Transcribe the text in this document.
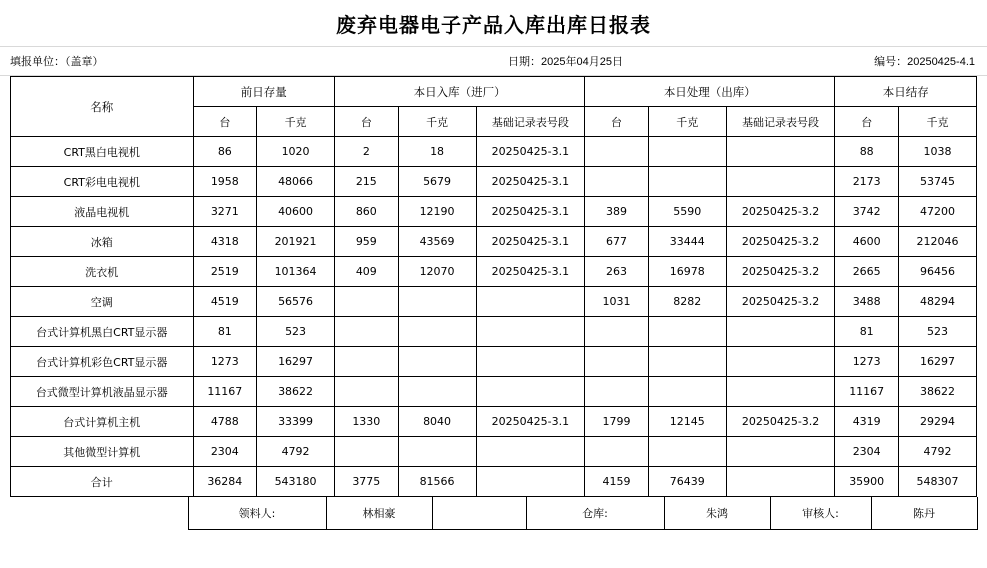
废弃电器电子产品入库出库日报表
填报单位：（盖章）	日期：2025年04月25日	编号：20250425-4.1
名称	前日存量		本日入库（进厂）			本日处理（出库）			本日结存	
	台	千克	台	千克	基础记录表号段	台	千克	基础记录表号段	台	千克
CRT黑白电视机	86	1020	2	18	20250425-3.1				88	1038
CRT彩电电视机	1958	48066	215	5679	20250425-3.1				2173	53745
液晶电视机	3271	40600	860	12190	20250425-3.1	389	5590	20250425-3.2	3742	47200
冰箱	4318	201921	959	43569	20250425-3.1	677	33444	20250425-3.2	4600	212046
洗衣机	2519	101364	409	12070	20250425-3.1	263	16978	20250425-3.2	2665	96456
空调	4519	56576				1031	8282	20250425-3.2	3488	48294
台式计算机黑白CRT显示器	81	523							81	523
台式计算机彩色CRT显示器	1273	16297							1273	16297
台式微型计算机液晶显示器	11167	38622							11167	38622
台式计算机主机	4788	33399	1330	8040	20250425-3.1	1799	12145	20250425-3.2	4319	29294
其他微型计算机	2304	4792							2304	4792
合计	36284	543180	3775	81566		4159	76439		35900	548307
	领料人:	林相豪		仓库:	朱鸿	审核人:	陈丹
